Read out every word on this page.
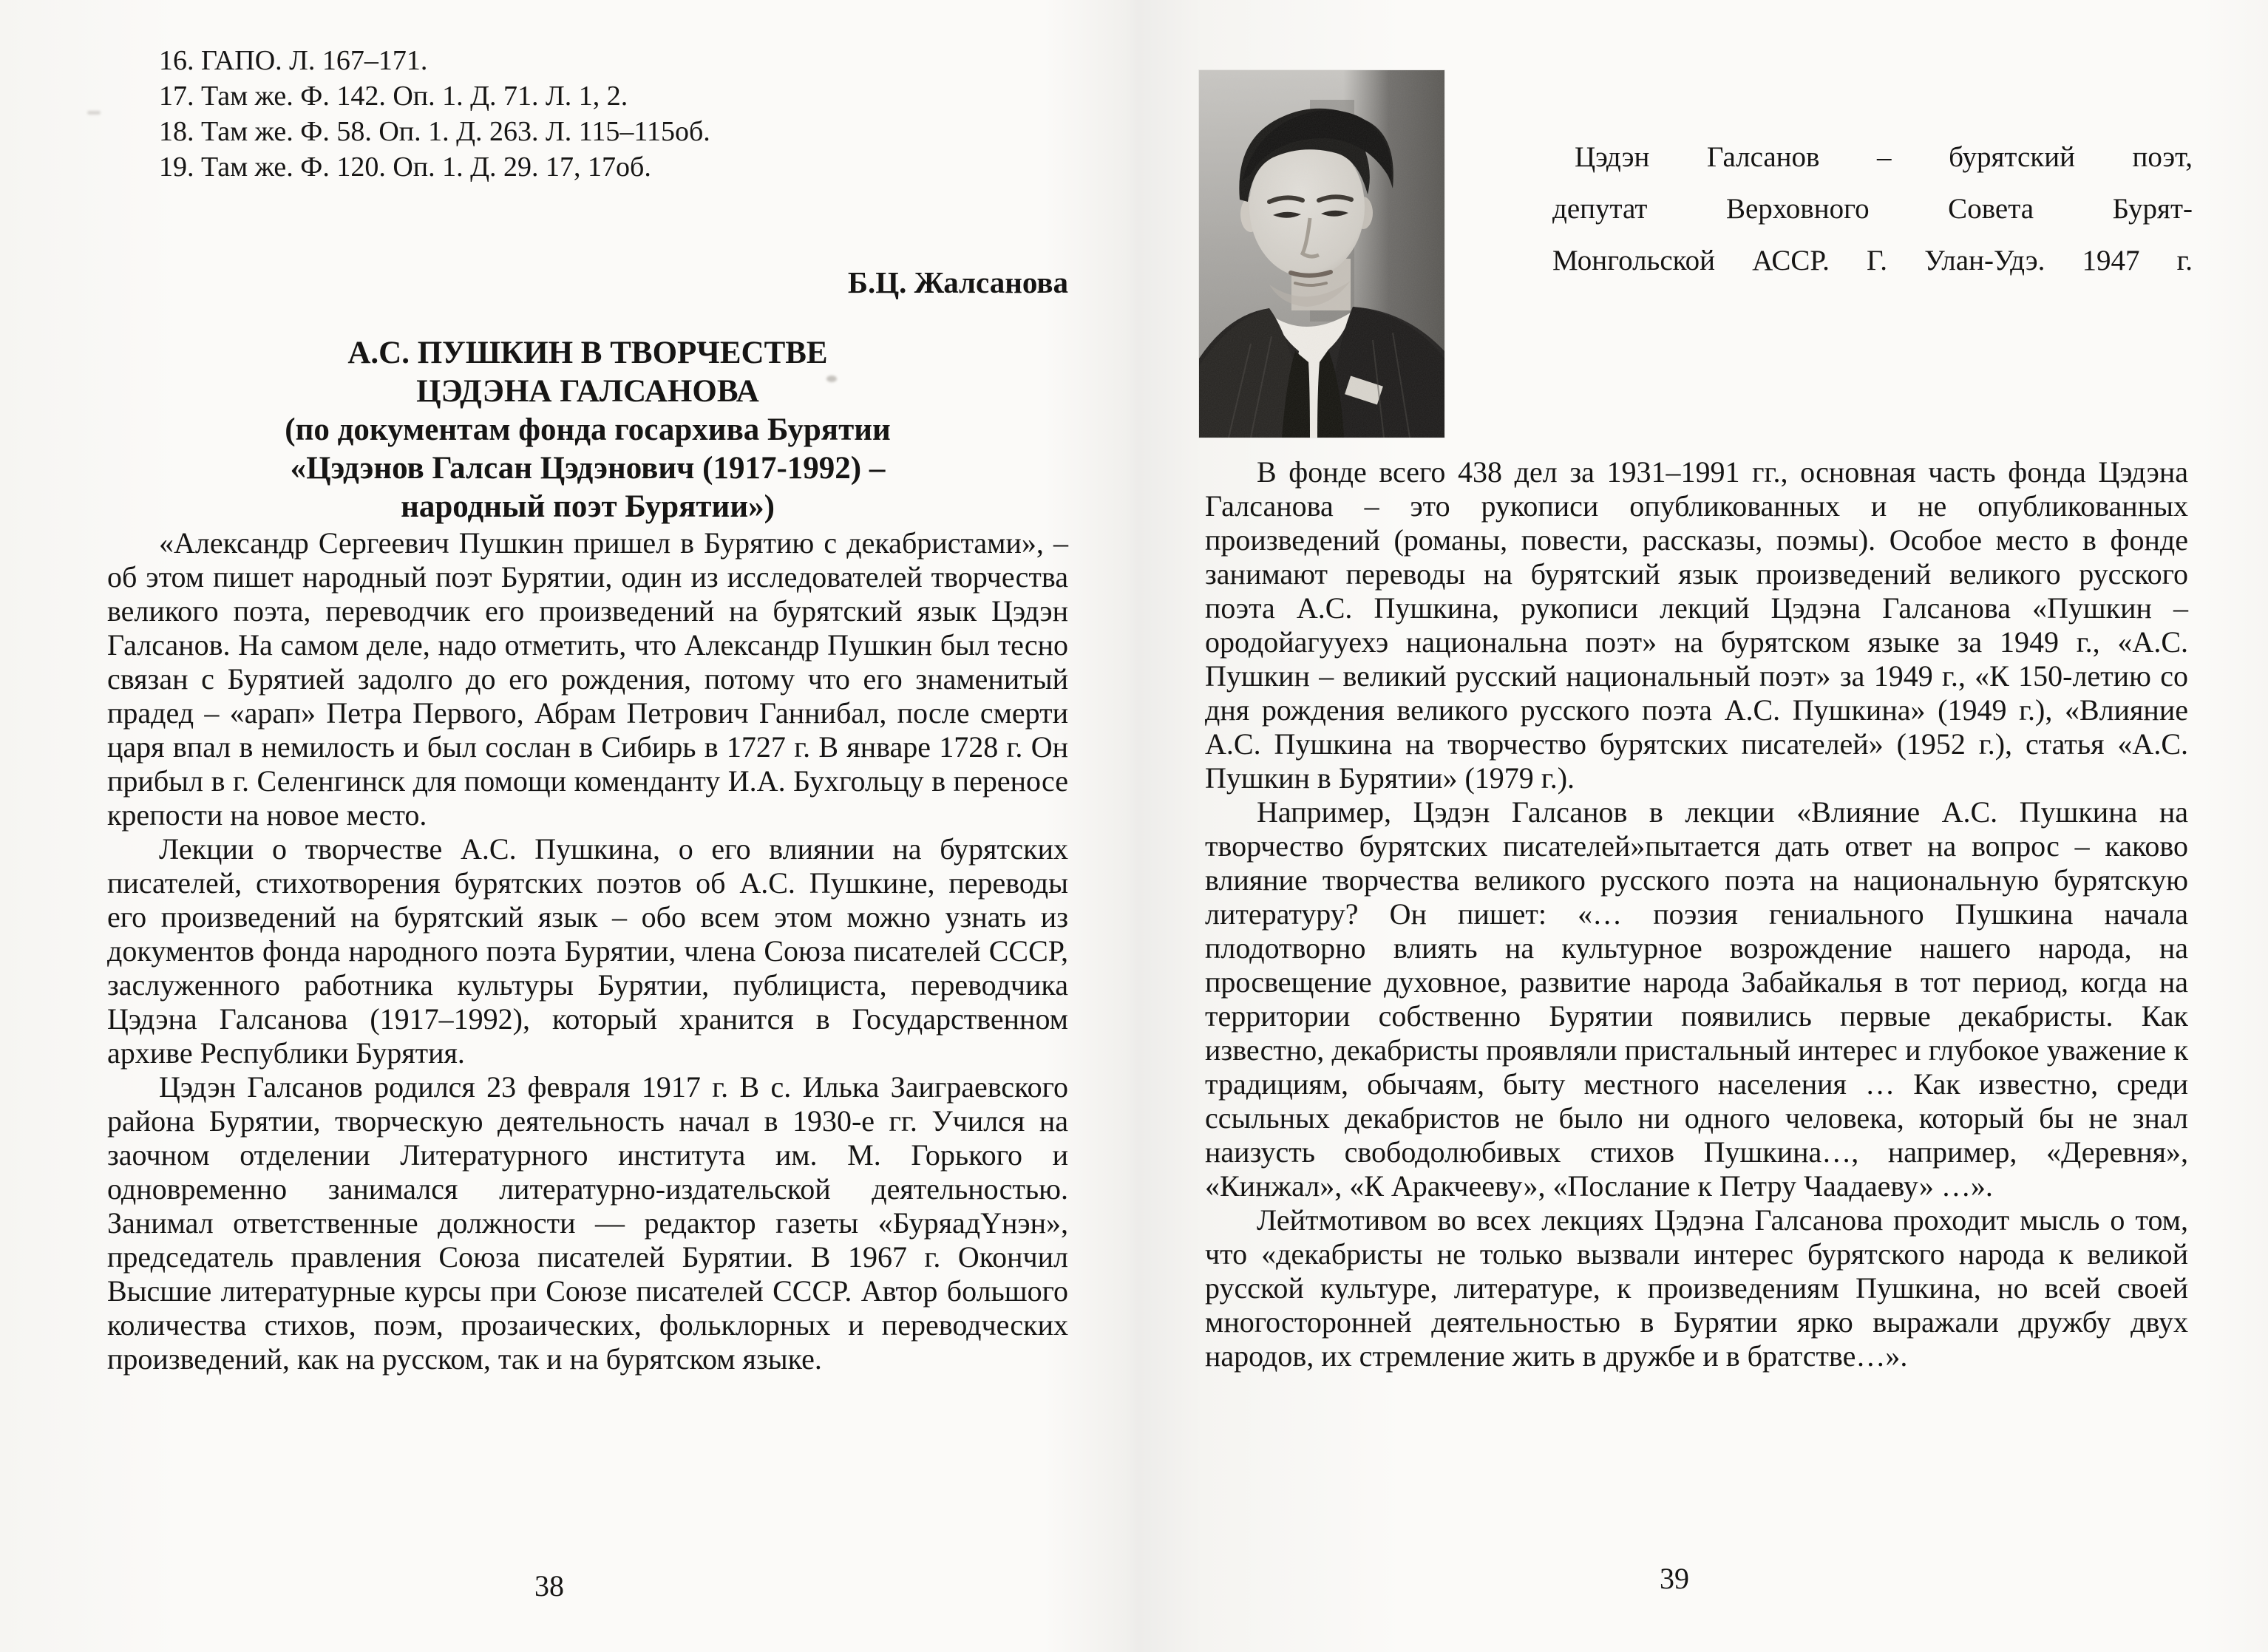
16. ГАПО. Л. 167–171.
17. Там же. Ф. 142. Оп. 1. Д. 71. Л. 1, 2.
18. Там же. Ф. 58. Оп. 1. Д. 263. Л. 115–115об.
19. Там же. Ф. 120. Оп. 1. Д. 29. 17, 17об.
Б.Ц. Жалсанова
А.С. ПУШКИН В ТВОРЧЕСТВЕ
ЦЭДЭНА ГАЛСАНОВА
(по документам фонда госархива Бурятии
«Цэдэнов Галсан Цэдэнович (1917-1992) –
народный поэт Бурятии»)

«Александр Сергеевич Пушкин пришел в Бурятию с декабристами», – об этом пишет народный поэт Бурятии, один из исследователей творчества великого поэта, переводчик его произведений на бурятский язык Цэдэн Галсанов. На самом деле, надо отметить, что Александр Пушкин был тесно связан с Бурятией задолго до его рождения, потому что его знаменитый прадед – «арап» Петра Первого, Абрам Петрович Ганнибал, после смерти царя впал в немилость и был сослан в Сибирь в 1727 г. В январе 1728 г. Он прибыл в г. Селенгинск для помощи коменданту И.А. Бухгольцу в переносе крепости на новое место.

Лекции о творчестве А.С. Пушкина, о его влиянии на бурятских писателей, стихотворения бурятских поэтов об А.С. Пушкине, переводы его произведений на бурятский язык – обо всем этом можно узнать из документов фонда народного поэта Бурятии, члена Союза писателей СССР, заслуженного работника культуры Бурятии, публициста, переводчика Цэдэна Галсанова (1917–1992), который хранится в Государственном архиве Республики Бурятия.

Цэдэн Галсанов родился 23 февраля 1917 г. В с. Илька Заиграевского района Бурятии, творческую деятельность начал в 1930-е гг. Учился на заочном отделении Литературного института им. М. Горького и одновременно занимался литературно-издательской деятельностью. Занимал ответственные должности — редактор газеты «БуряадҮнэн», председатель правления Союза писателей Бурятии. В 1967 г. Окончил Высшие литературные курсы при Союзе писателей СССР. Автор большого количества стихов, поэм, прозаических, фольклорных и переводческих произведений, как на русском, так и на бурятском языке.

38
Цэдэн Галсанов – бурятский поэт,
депутат Верховного Совета Бурят-
Монгольской АССР. Г. Улан-Удэ. 1947 г.

В фонде всего 438 дел за 1931–1991 гг., основная часть фонда Цэдэна Галсанова – это рукописи опубликованных и не опубликованных произведений (романы, повести, рассказы, поэмы). Особое место в фонде занимают переводы на бурятский язык произведений великого русского поэта А.С. Пушкина, рукописи лекций Цэдэна Галсанова «Пушкин – ородойагууехэ национальна поэт» на бурятском языке за 1949 г., «А.С. Пушкин – великий русский национальный поэт» за 1949 г., «К 150-летию со дня рождения великого русского поэта А.С. Пушкина» (1949 г.), «Влияние А.С. Пушкина на творчество бурятских писателей» (1952 г.), статья «А.С. Пушкин в Бурятии» (1979 г.).

Например, Цэдэн Галсанов в лекции «Влияние А.С. Пушкина на творчество бурятских писателей»пытается дать ответ на вопрос – каково влияние творчества великого русского поэта на национальную бурятскую литературу? Он пишет: «… поэзия гениального Пушкина начала плодотворно влиять на культурное возрождение нашего народа, на просвещение духовное, развитие народа Забайкалья в тот период, когда на территории собственно Бурятии появились первые декабристы. Как известно, декабристы проявляли пристальный интерес и глубокое уважение к традициям, обычаям, быту местного населения … Как известно, среди ссыльных декабристов не было ни одного человека, который бы не знал наизусть свободолюбивых стихов Пушкина…, например, «Деревня», «Кинжал», «К Аракчееву», «Послание к Петру Чаадаеву» …».

Лейтмотивом во всех лекциях Цэдэна Галсанова проходит мысль о том, что «декабристы не только вызвали интерес бурятского народа к великой русской культуре, литературе, к произведениям Пушкина, но всей своей многосторонней деятельностью в Бурятии ярко выражали дружбу двух народов, их стремление жить в дружбе и в братстве…».

39
